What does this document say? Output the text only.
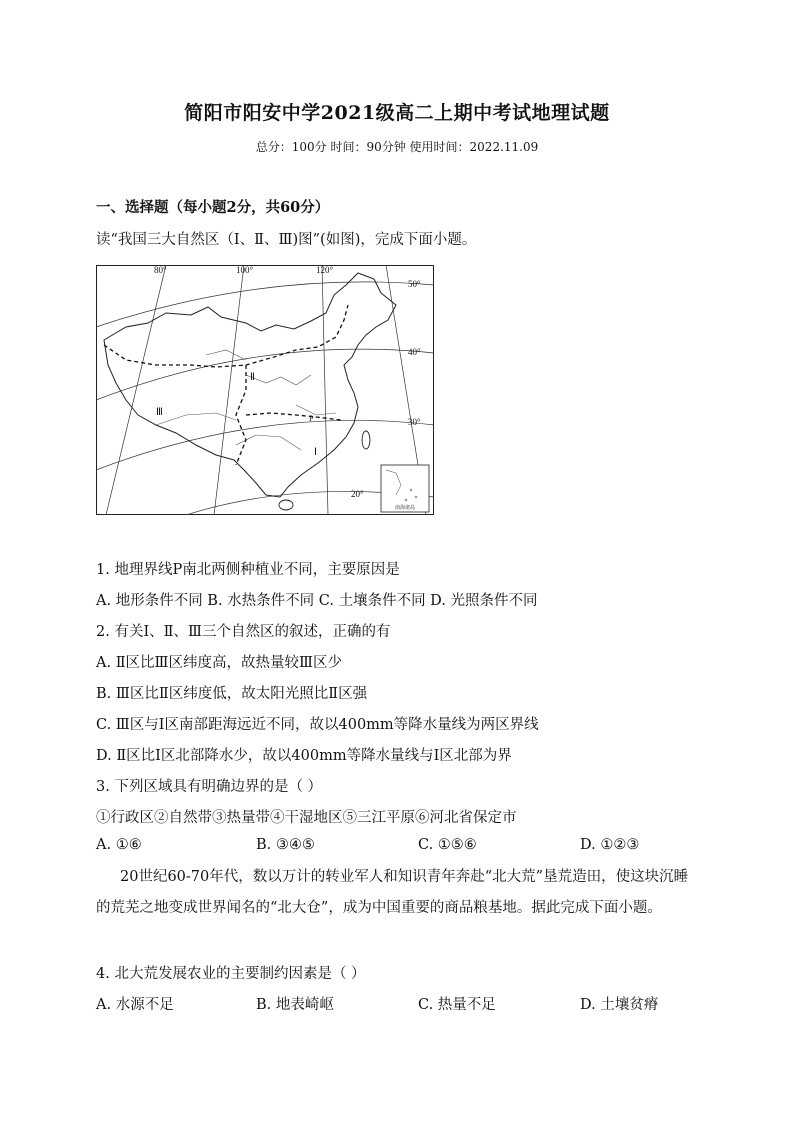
简阳市阳安中学2021级高二上期中考试地理试题
总分：100分 时间：90分钟 使用时间：2022.11.09
一、选择题（每小题2分，共60分）
读“我国三大自然区（Ⅰ、Ⅱ、Ⅲ)图”(如图)，完成下面小题。
南海诸岛
80°	100°	120°
50°
40°
30°
20°
Ⅱ
Ⅲ
P
Ⅰ
1. 地理界线P南北两侧种植业不同，主要原因是
A. 地形条件不同 B. 水热条件不同 C. 土壤条件不同 D. 光照条件不同
2. 有关Ⅰ、Ⅱ、Ⅲ三个自然区的叙述，正确的有
A. Ⅱ区比Ⅲ区纬度高，故热量较Ⅲ区少
B. Ⅲ区比Ⅱ区纬度低，故太阳光照比Ⅱ区强
C. Ⅲ区与Ⅰ区南部距海远近不同，故以400mm等降水量线为两区界线
D. Ⅱ区比Ⅰ区北部降水少，故以400mm等降水量线与Ⅰ区北部为界
3. 下列区域具有明确边界的是（ ）
①行政区②自然带③热量带④干湿地区⑤三江平原⑥河北省保定市
A. ①⑥	B. ③④⑤	C. ①⑤⑥	D. ①②③
20世纪60-70年代，数以万计的转业军人和知识青年奔赴“北大荒”垦荒造田，使这块沉睡的荒芜之地变成世界闻名的“北大仓”，成为中国重要的商品粮基地。据此完成下面小题。
4. 北大荒发展农业的主要制约因素是（ ）
A. 水源不足	B. 地表崎岖	C. 热量不足	D. 土壤贫瘠
